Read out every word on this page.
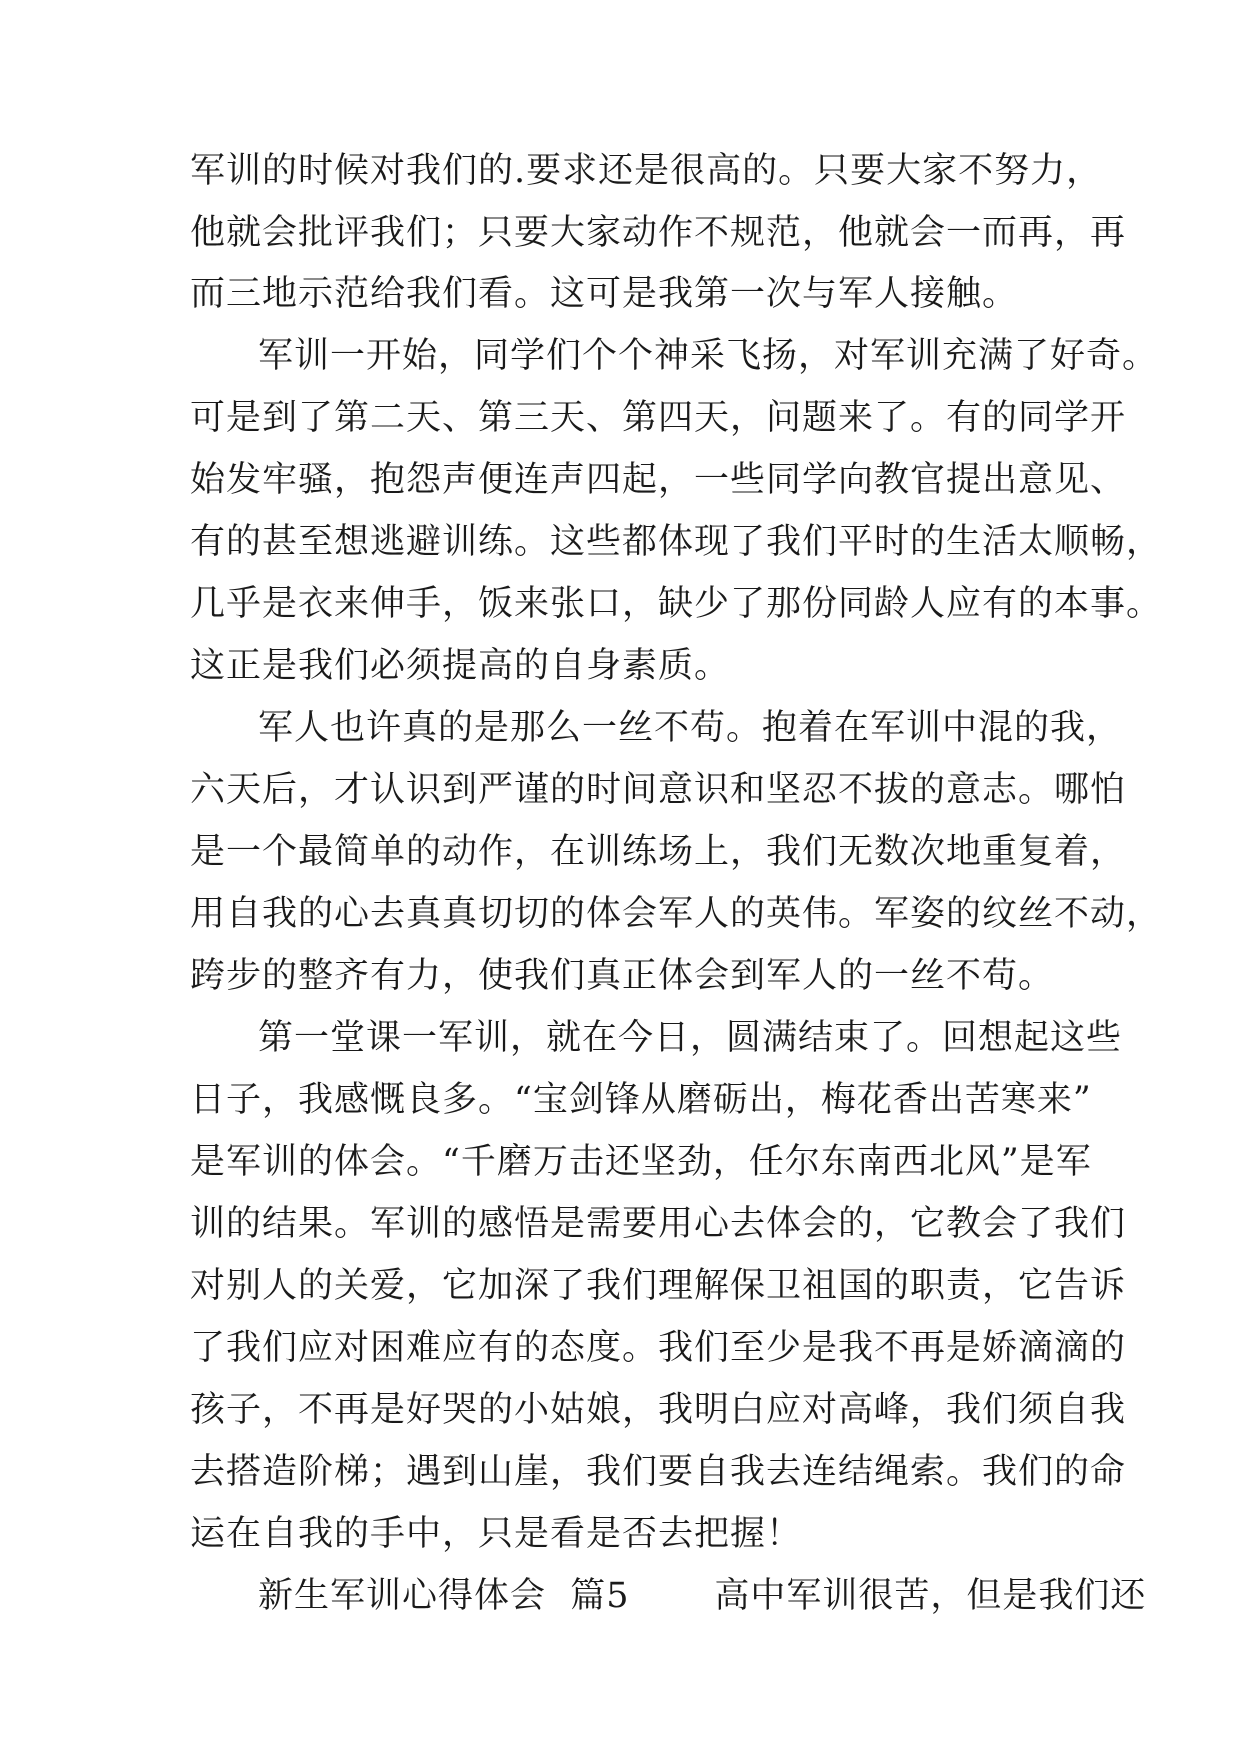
军训的时候对我们的.要求还是很高的。只要大家不努力，
他就会批评我们；只要大家动作不规范，他就会一而再，再
而三地示范给我们看。这可是我第一次与军人接触。
军训一开始，同学们个个神采飞扬，对军训充满了好奇。
可是到了第二天、第三天、第四天，问题来了。有的同学开
始发牢骚，抱怨声便连声四起，一些同学向教官提出意见、
有的甚至想逃避训练。这些都体现了我们平时的生活太顺畅，
几乎是衣来伸手，饭来张口，缺少了那份同龄人应有的本事。
这正是我们必须提高的自身素质。
军人也许真的是那么一丝不苟。抱着在军训中混的我，
六天后，才认识到严谨的时间意识和坚忍不拔的意志。哪怕
是一个最简单的动作，在训练场上，我们无数次地重复着，
用自我的心去真真切切的体会军人的英伟。军姿的纹丝不动，
跨步的整齐有力，使我们真正体会到军人的一丝不苟。
第一堂课一军训，就在今日，圆满结束了。回想起这些
日子，我感慨良多。“宝剑锋从磨砺出，梅花香出苦寒来”
是军训的体会。“千磨万击还坚劲，任尔东南西北风”是军
训的结果。军训的感悟是需要用心去体会的，它教会了我们
对别人的关爱，它加深了我们理解保卫祖国的职责，它告诉
了我们应对困难应有的态度。我们至少是我不再是娇滴滴的
孩子，不再是好哭的小姑娘，我明白应对高峰，我们须自我
去搭造阶梯；遇到山崖，我们要自我去连结绳索。我们的命
运在自我的手中，只是看是否去把握！
新生军训心得体会  篇5       高中军训很苦，但是我们还
